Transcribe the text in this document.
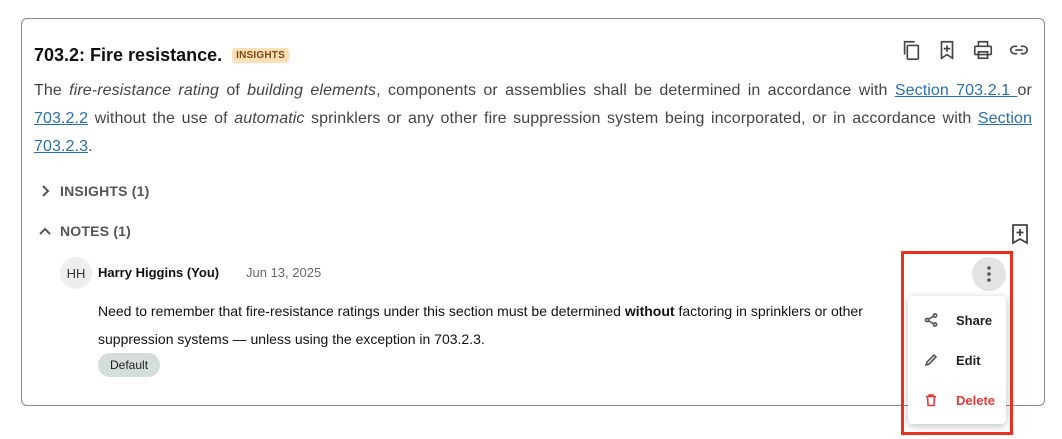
703.2: Fire resistance.	INSIGHTS

The fire-resistance rating of building elements, components or assemblies shall be determined in accordance with Section 703.2.1 or 703.2.2 without the use of automatic sprinklers or any other fire suppression system being incorporated, or in accordance with Section 703.2.3.

INSIGHTS (1)
NOTES (1)
HH Harry Higgins (You) Jun 13, 2025

Need to remember that fire-resistance ratings under this section must be determined without factoring in sprinklers or other suppression systems — unless using the exception in 703.2.3.

Default
Share
Edit
Delete
